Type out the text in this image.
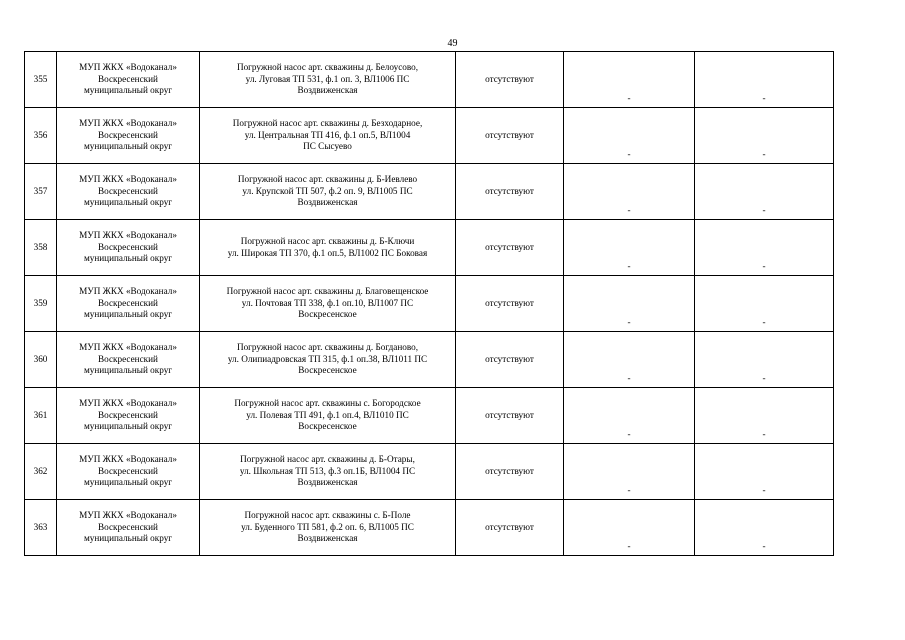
49
355	МУП ЖКХ «Водоканал»
Воскресенский
муниципальный округ	Погружной насос арт. скважины д. Белоусово,
ул. Луговая ТП 531, ф.1 оп. 3, ВЛ1006 ПС
Воздвиженская	отсутствуют	-	-
356	МУП ЖКХ «Водоканал»
Воскресенский
муниципальный округ	Погружной насос арт. скважины д. Безходарное,
ул. Центральная ТП 416, ф.1 оп.5, ВЛ1004
ПС Сысуево	отсутствуют	-	-
357	МУП ЖКХ «Водоканал»
Воскресенский
муниципальный округ	Погружной насос арт. скважины д. Б-Иевлево
ул. Крупской ТП 507, ф.2 оп. 9, ВЛ1005 ПС
Воздвиженская	отсутствуют	-	-
358	МУП ЖКХ «Водоканал»
Воскресенский
муниципальный округ	Погружной насос арт. скважины д. Б-Ключи
ул. Широкая ТП 370, ф.1 оп.5, ВЛ1002 ПС Боковая	отсутствуют	-	-
359	МУП ЖКХ «Водоканал»
Воскресенский
муниципальный округ	Погружной насос арт. скважины д. Благовещенское
ул. Почтовая ТП 338, ф.1 оп.10, ВЛ1007 ПС
Воскресенское	отсутствуют	-	-
360	МУП ЖКХ «Водоканал»
Воскресенский
муниципальный округ	Погружной насос арт. скважины д. Богданово,
ул. Олипиадровская ТП 315, ф.1 оп.38, ВЛ1011 ПС
Воскресенское	отсутствуют	-	-
361	МУП ЖКХ «Водоканал»
Воскресенский
муниципальный округ	Погружной насос арт. скважины с. Богородское
ул. Полевая ТП 491, ф.1 оп.4, ВЛ1010 ПС
Воскресенское	отсутствуют	-	-
362	МУП ЖКХ «Водоканал»
Воскресенский
муниципальный округ	Погружной насос арт. скважины д. Б-Отары,
ул. Школьная ТП 513, ф.3 оп.1Б, ВЛ1004 ПС
Воздвиженская	отсутствуют	-	-
363	МУП ЖКХ «Водоканал»
Воскресенский
муниципальный округ	Погружной насос арт. скважины с. Б-Поле
ул. Буденного ТП 581, ф.2 оп. 6, ВЛ1005 ПС
Воздвиженская	отсутствуют	-	-
